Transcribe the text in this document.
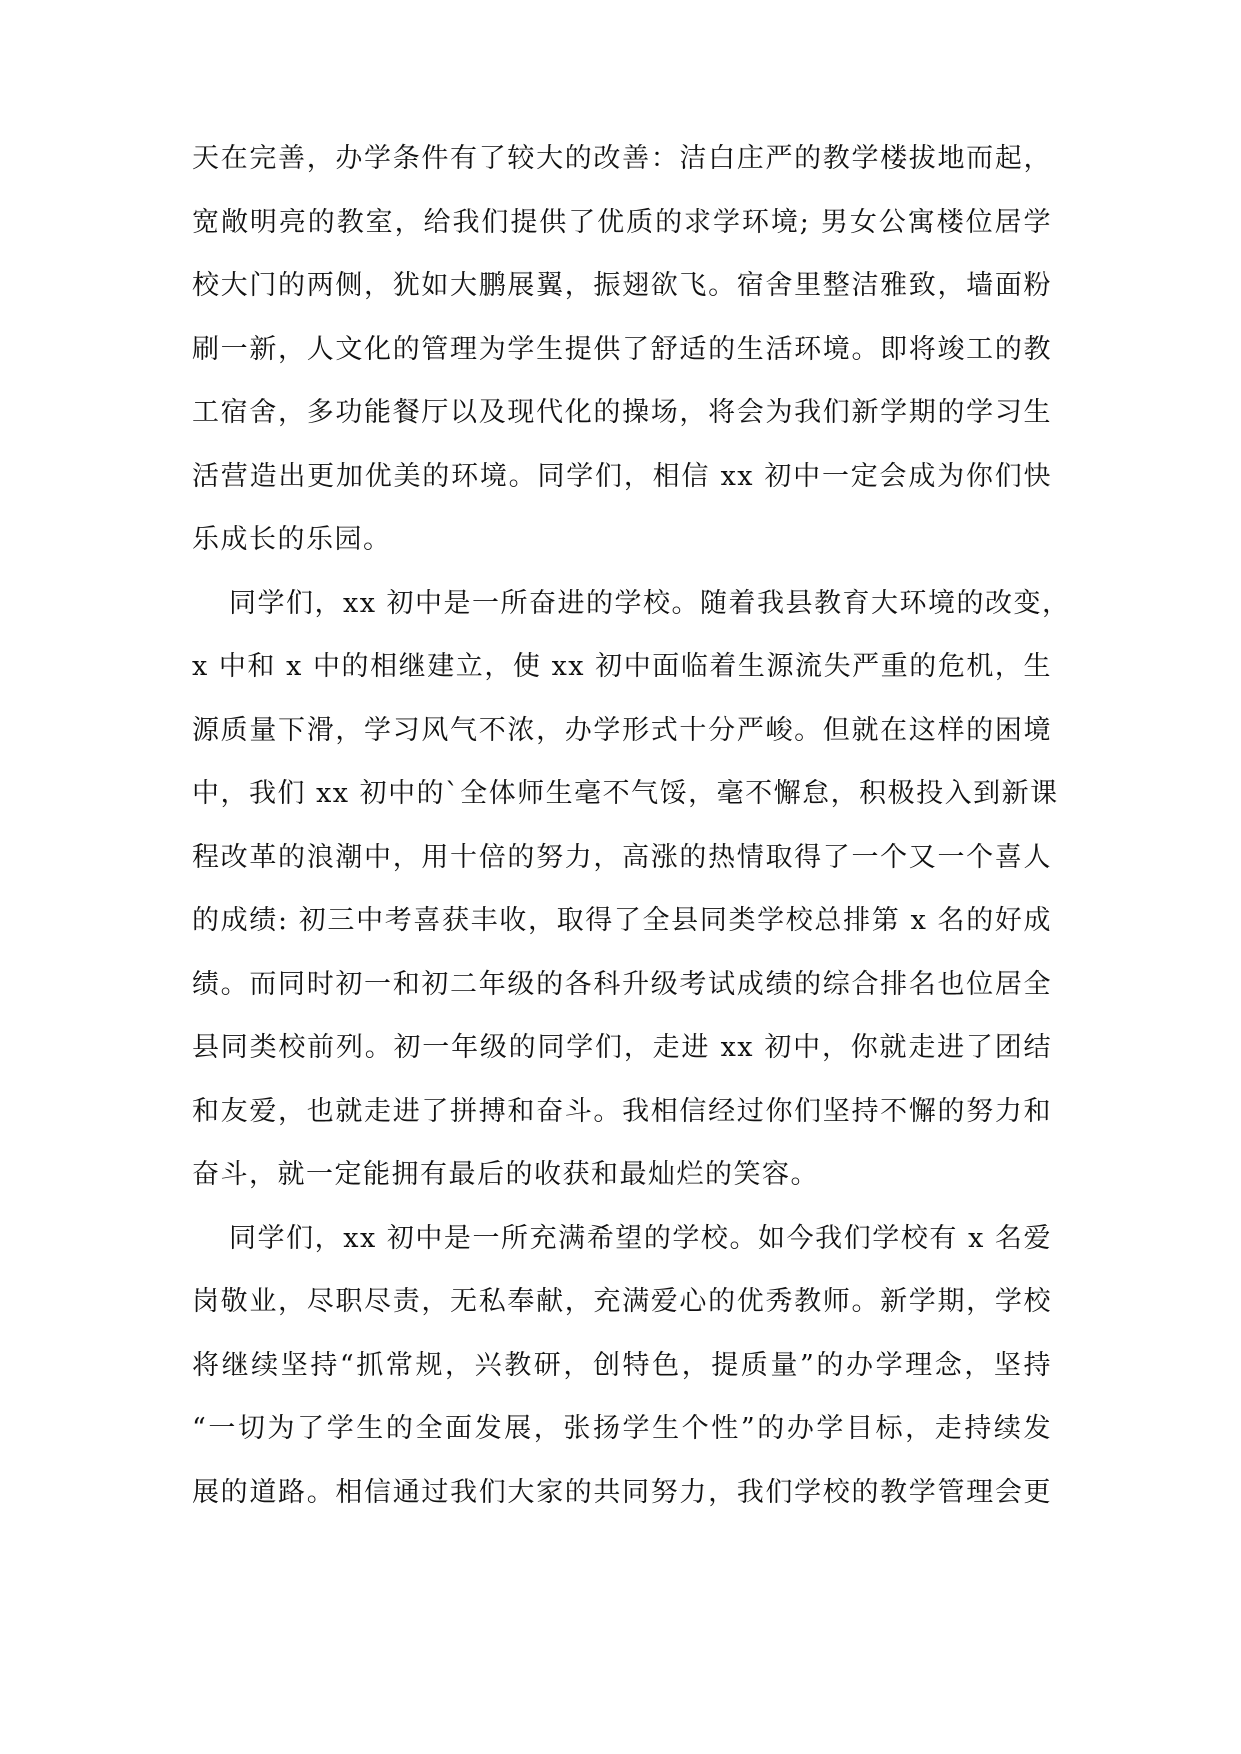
天在完善，办学条件有了较大的改善：洁白庄严的教学楼拔地而起，
宽敞明亮的教室，给我们提供了优质的求学环境; 男女公寓楼位居学
校大门的两侧，犹如大鹏展翼，振翅欲飞。宿舍里整洁雅致，墙面粉
刷一新，人文化的管理为学生提供了舒适的生活环境。即将竣工的教
工宿舍，多功能餐厅以及现代化的操场，将会为我们新学期的学习生
活营造出更加优美的环境。同学们，相信 xx 初中一定会成为你们快
乐成长的乐园。
同学们，xx 初中是一所奋进的学校。随着我县教育大环境的改变，
x 中和 x 中的相继建立，使 xx 初中面临着生源流失严重的危机，生
源质量下滑，学习风气不浓，办学形式十分严峻。但就在这样的困境
中，我们 xx 初中的`全体师生毫不气馁，毫不懈怠，积极投入到新课
程改革的浪潮中，用十倍的努力，高涨的热情取得了一个又一个喜人
的成绩: 初三中考喜获丰收，取得了全县同类学校总排第 x 名的好成
绩。而同时初一和初二年级的各科升级考试成绩的综合排名也位居全
县同类校前列。初一年级的同学们，走进 xx 初中，你就走进了团结
和友爱，也就走进了拼搏和奋斗。我相信经过你们坚持不懈的努力和
奋斗，就一定能拥有最后的收获和最灿烂的笑容。
同学们，xx 初中是一所充满希望的学校。如今我们学校有 x 名爱
岗敬业，尽职尽责，无私奉献，充满爱心的优秀教师。新学期，学校
将继续坚持“抓常规，兴教研，创特色，提质量”的办学理念，坚持
“一切为了学生的全面发展，张扬学生个性”的办学目标，走持续发
展的道路。相信通过我们大家的共同努力，我们学校的教学管理会更
